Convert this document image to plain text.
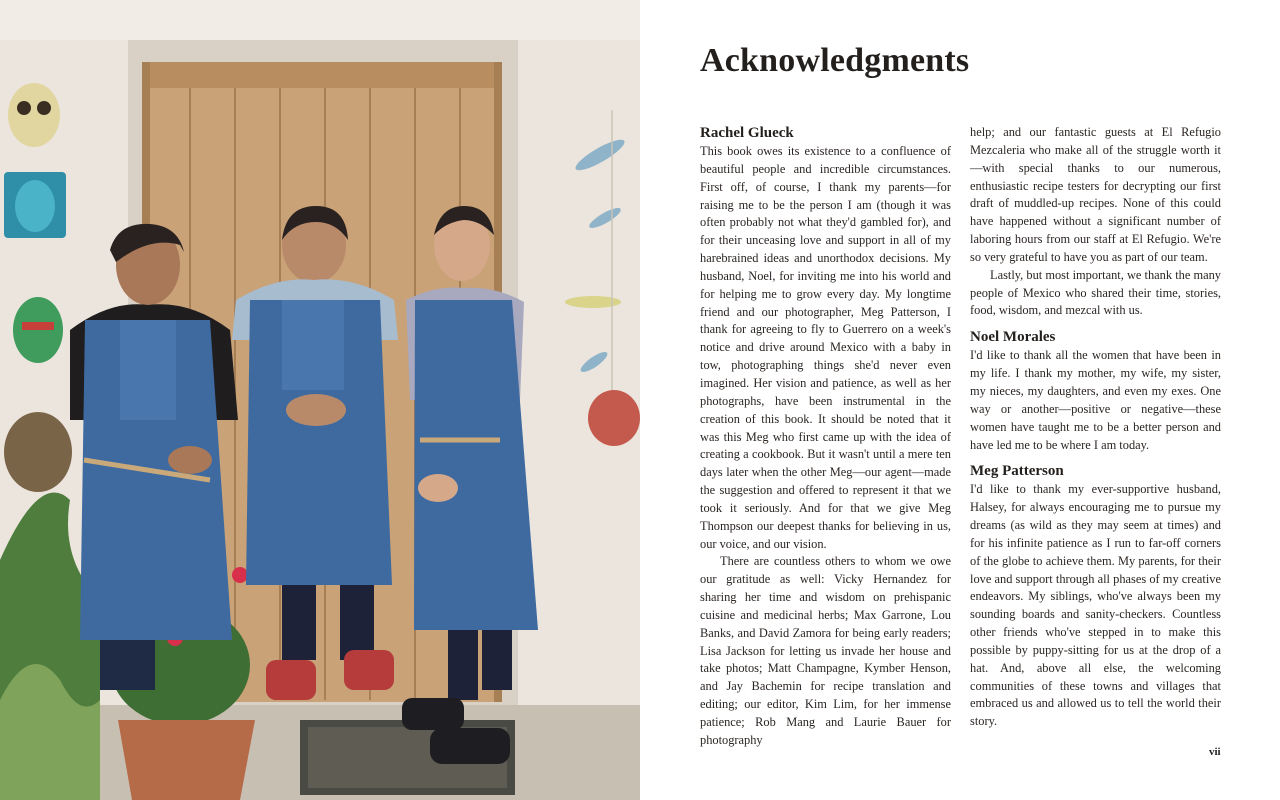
Acknowledgments
Rachel Glueck

This book owes its existence to a confluence of beautiful people and incredible circumstances. First off, of course, I thank my parents—for raising me to be the person I am (though it was often probably not what they'd gambled for), and for their unceasing love and support in all of my harebrained ideas and unorthodox decisions. My husband, Noel, for inviting me into his world and for helping me to grow every day. My longtime friend and our photographer, Meg Patterson, I thank for agreeing to fly to Guerrero on a week's notice and drive around Mexico with a baby in tow, photographing things she'd never even imagined. Her vision and patience, as well as her photographs, have been instrumental in the creation of this book. It should be noted that it was this Meg who first came up with the idea of creating a cookbook. But it wasn't until a mere ten days later when the other Meg—our agent—made the suggestion and offered to represent it that we took it seriously. And for that we give Meg Thompson our deepest thanks for believing in us, our voice, and our vision.

There are countless others to whom we owe our gratitude as well: Vicky Hernandez for sharing her time and wisdom on prehispanic cuisine and medicinal herbs; Max Garrone, Lou Banks, and David Zamora for being early readers; Lisa Jackson for letting us invade her house and take photos; Matt Champagne, Kymber Henson, and Jay Bachemin for recipe translation and editing; our editor, Kim Lim, for her immense patience; Rob Mang and Laurie Bauer for photography

help; and our fantastic guests at El Refugio Mezcaleria who make all of the struggle worth it—with special thanks to our numerous, enthusiastic recipe testers for decrypting our first draft of muddled-up recipes. None of this could have happened without a significant number of laboring hours from our staff at El Refugio. We're so very grateful to have you as part of our team.

Lastly, but most important, we thank the many people of Mexico who shared their time, stories, food, wisdom, and mezcal with us.

Noel Morales

I'd like to thank all the women that have been in my life. I thank my mother, my wife, my sister, my nieces, my daughters, and even my exes. One way or another—positive or negative—these women have taught me to be a better person and have led me to be where I am today.

Meg Patterson

I'd like to thank my ever-supportive husband, Halsey, for always encouraging me to pursue my dreams (as wild as they may seem at times) and for his infinite patience as I run to far-off corners of the globe to achieve them. My parents, for their love and support through all phases of my creative endeavors. My siblings, who've always been my sounding boards and sanity-checkers. Countless other friends who've stepped in to make this possible by puppy-sitting for us at the drop of a hat. And, above all else, the welcoming communities of these towns and villages that embraced us and allowed us to tell the world their story.

vii
